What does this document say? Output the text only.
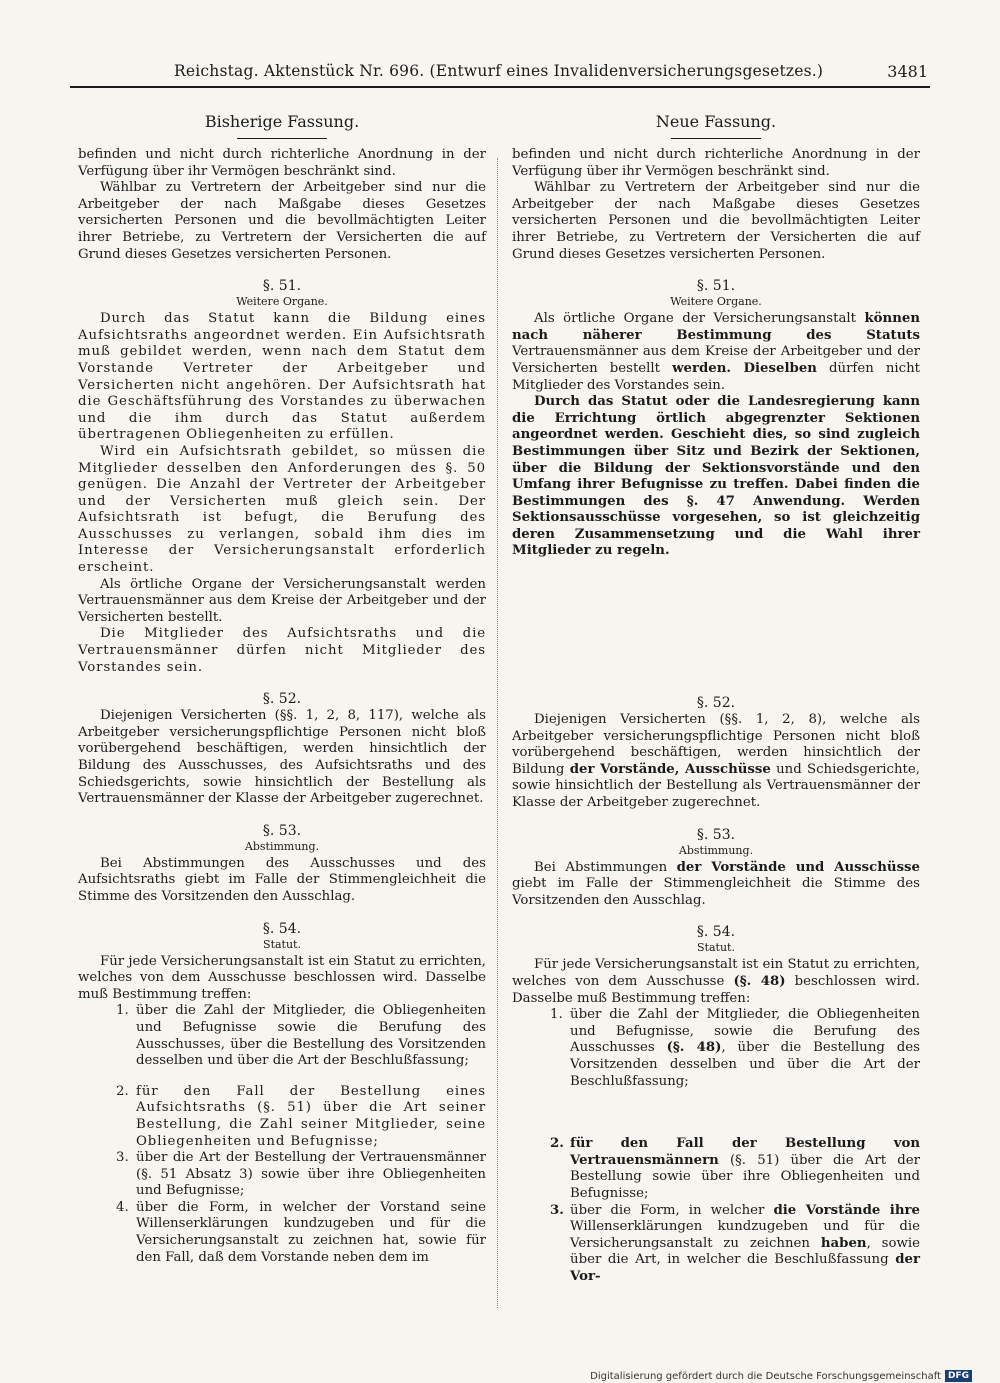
Reichstag. Aktenstück Nr. 696. (Entwurf eines Invalidenversicherungsgesetzes.)	3481
Bisherige Fassung.

befinden und nicht durch richterliche Anordnung in der Verfügung über ihr Vermögen beschränkt sind.

Wählbar zu Vertretern der Arbeitgeber sind nur die Arbeitgeber der nach Maßgabe dieses Gesetzes versicherten Personen und die bevollmächtigten Leiter ihrer Betriebe, zu Vertretern der Versicherten die auf Grund dieses Gesetzes versicherten Personen.

§. 51.
Weitere Organe.

Durch das Statut kann die Bildung eines Aufsichtsraths angeordnet werden. Ein Aufsichtsrath muß gebildet werden, wenn nach dem Statut dem Vorstande Vertreter der Arbeitgeber und Versicherten nicht angehören. Der Aufsichtsrath hat die Geschäftsführung des Vorstandes zu überwachen und die ihm durch das Statut außerdem übertragenen Obliegenheiten zu erfüllen.

Wird ein Aufsichtsrath gebildet, so müssen die Mitglieder desselben den Anforderungen des §. 50 genügen. Die Anzahl der Vertreter der Arbeitgeber und der Versicherten muß gleich sein. Der Aufsichtsrath ist befugt, die Berufung des Ausschusses zu verlangen, sobald ihm dies im Interesse der Versicherungsanstalt erforderlich erscheint.

Als örtliche Organe der Versicherungsanstalt werden Vertrauensmänner aus dem Kreise der Arbeitgeber und der Versicherten bestellt.

Die Mitglieder des Aufsichtsraths und die Vertrauensmänner dürfen nicht Mitglieder des Vorstandes sein.

§. 52.

Diejenigen Versicherten (§§. 1, 2, 8, 117), welche als Arbeitgeber versicherungspflichtige Personen nicht bloß vorübergehend beschäftigen, werden hinsichtlich der Bildung des Ausschusses, des Aufsichtsraths und des Schiedsgerichts, sowie hinsichtlich der Bestellung als Vertrauensmänner der Klasse der Arbeitgeber zugerechnet.

§. 53.
Abstimmung.

Bei Abstimmungen des Ausschusses und des Aufsichtsraths giebt im Falle der Stimmengleichheit die Stimme des Vorsitzenden den Ausschlag.

§. 54.
Statut.

Für jede Versicherungsanstalt ist ein Statut zu errichten, welches von dem Ausschusse beschlossen wird. Dasselbe muß Bestimmung treffen:

1. über die Zahl der Mitglieder, die Obliegenheiten und Befugnisse sowie die Berufung des Ausschusses, über die Bestellung des Vorsitzenden desselben und über die Art der Beschlußfassung;
2. für den Fall der Bestellung eines Aufsichtsraths (§. 51) über die Art seiner Bestellung, die Zahl seiner Mitglieder, seine Obliegenheiten und Befugnisse;
3. über die Art der Bestellung der Vertrauensmänner (§. 51 Absatz 3) sowie über ihre Obliegenheiten und Befugnisse;
4. über die Form, in welcher der Vorstand seine Willenserklärungen kundzugeben und für die Versicherungsanstalt zu zeichnen hat, sowie für den Fall, daß dem Vorstande neben dem im
Neue Fassung.

befinden und nicht durch richterliche Anordnung in der Verfügung über ihr Vermögen beschränkt sind.

Wählbar zu Vertretern der Arbeitgeber sind nur die Arbeitgeber der nach Maßgabe dieses Gesetzes versicherten Personen und die bevollmächtigten Leiter ihrer Betriebe, zu Vertretern der Versicherten die auf Grund dieses Gesetzes versicherten Personen.

§. 51.
Weitere Organe.

Als örtliche Organe der Versicherungsanstalt können nach näherer Bestimmung des Statuts Vertrauensmänner aus dem Kreise der Arbeitgeber und der Versicherten bestellt werden. Dieselben dürfen nicht Mitglieder des Vorstandes sein.

Durch das Statut oder die Landesregierung kann die Errichtung örtlich abgegrenzter Sektionen angeordnet werden. Geschieht dies, so sind zugleich Bestimmungen über Sitz und Bezirk der Sektionen, über die Bildung der Sektionsvorstände und den Umfang ihrer Befugnisse zu treffen. Dabei finden die Bestimmungen des §. 47 Anwendung. Werden Sektionsausschüsse vorgesehen, so ist gleichzeitig deren Zusammensetzung und die Wahl ihrer Mitglieder zu regeln.

§. 52.

Diejenigen Versicherten (§§. 1, 2, 8), welche als Arbeitgeber versicherungspflichtige Personen nicht bloß vorübergehend beschäftigen, werden hinsichtlich der Bildung der Vorstände, Ausschüsse und Schiedsgerichte, sowie hinsichtlich der Bestellung als Vertrauensmänner der Klasse der Arbeitgeber zugerechnet.

§. 53.
Abstimmung.

Bei Abstimmungen der Vorstände und Ausschüsse giebt im Falle der Stimmengleichheit die Stimme des Vorsitzenden den Ausschlag.

§. 54.
Statut.

Für jede Versicherungsanstalt ist ein Statut zu errichten, welches von dem Ausschusse (§. 48) beschlossen wird. Dasselbe muß Bestimmung treffen:

1. über die Zahl der Mitglieder, die Obliegenheiten und Befugnisse, sowie die Berufung des Ausschusses (§. 48), über die Bestellung des Vorsitzenden desselben und über die Art der Beschlußfassung;
2. für den Fall der Bestellung von Vertrauensmännern (§. 51) über die Art der Bestellung sowie über ihre Obliegenheiten und Befugnisse;
3. über die Form, in welcher die Vorstände ihre Willenserklärungen kundzugeben und für die Versicherungsanstalt zu zeichnen haben, sowie über die Art, in welcher die Beschlußfassung der Vor-
Digitalisierung gefördert durch die Deutsche Forschungsgemeinschaft DFG
